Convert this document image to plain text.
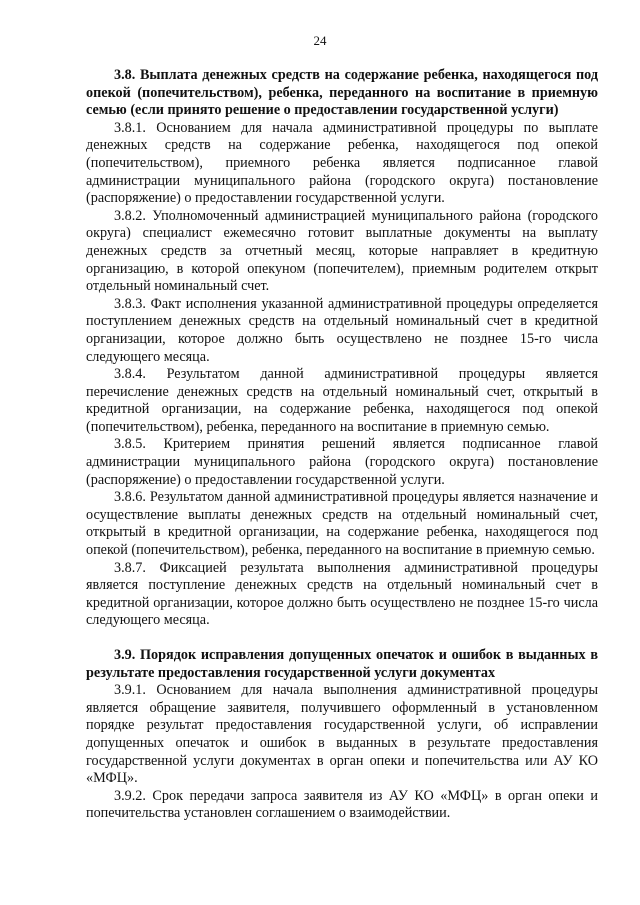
24

3.8. Выплата денежных средств на содержание ребенка, находящегося под опекой (попечительством), ребенка, переданного на воспитание в приемную семью (если принято решение о предоставлении государственной услуги)

3.8.1. Основанием для начала административной процедуры по выплате денежных средств на содержание ребенка, находящегося под опекой (попечительством), приемного ребенка является подписанное главой администрации муниципального района (городского округа) постановление (распоряжение) о предоставлении государственной услуги.

3.8.2. Уполномоченный администрацией муниципального района (городского округа) специалист ежемесячно готовит выплатные документы на выплату денежных средств за отчетный месяц, которые направляет в кредитную организацию, в которой опекуном (попечителем), приемным родителем открыт отдельный номинальный счет.

3.8.3. Факт исполнения указанной административной процедуры определяется поступлением денежных средств на отдельный номинальный счет в кредитной организации, которое должно быть осуществлено не позднее 15-го числа следующего месяца.

3.8.4. Результатом данной административной процедуры является перечисление денежных средств на отдельный номинальный счет, открытый в кредитной организации, на содержание ребенка, находящегося под опекой (попечительством), ребенка, переданного на воспитание в приемную семью.

3.8.5. Критерием принятия решений является подписанное главой администрации муниципального района (городского округа) постановление (распоряжение) о предоставлении государственной услуги.

3.8.6. Результатом данной административной процедуры является назначение и осуществление выплаты денежных средств на отдельный номинальный счет, открытый в кредитной организации, на содержание ребенка, находящегося под опекой (попечительством), ребенка, переданного на воспитание в приемную семью.

3.8.7. Фиксацией результата выполнения административной процедуры является поступление денежных средств на отдельный номинальный счет в кредитной организации, которое должно быть осуществлено не позднее 15-го числа следующего месяца.

3.9. Порядок исправления допущенных опечаток и ошибок в выданных в результате предоставления государственной услуги документах

3.9.1. Основанием для начала выполнения административной процедуры является обращение заявителя, получившего оформленный в установленном порядке результат предоставления государственной услуги, об исправлении допущенных опечаток и ошибок в выданных в результате предоставления государственной услуги документах в орган опеки и попечительства или АУ КО «МФЦ».

3.9.2. Срок передачи запроса заявителя из АУ КО «МФЦ» в орган опеки и попечительства установлен соглашением о взаимодействии.
